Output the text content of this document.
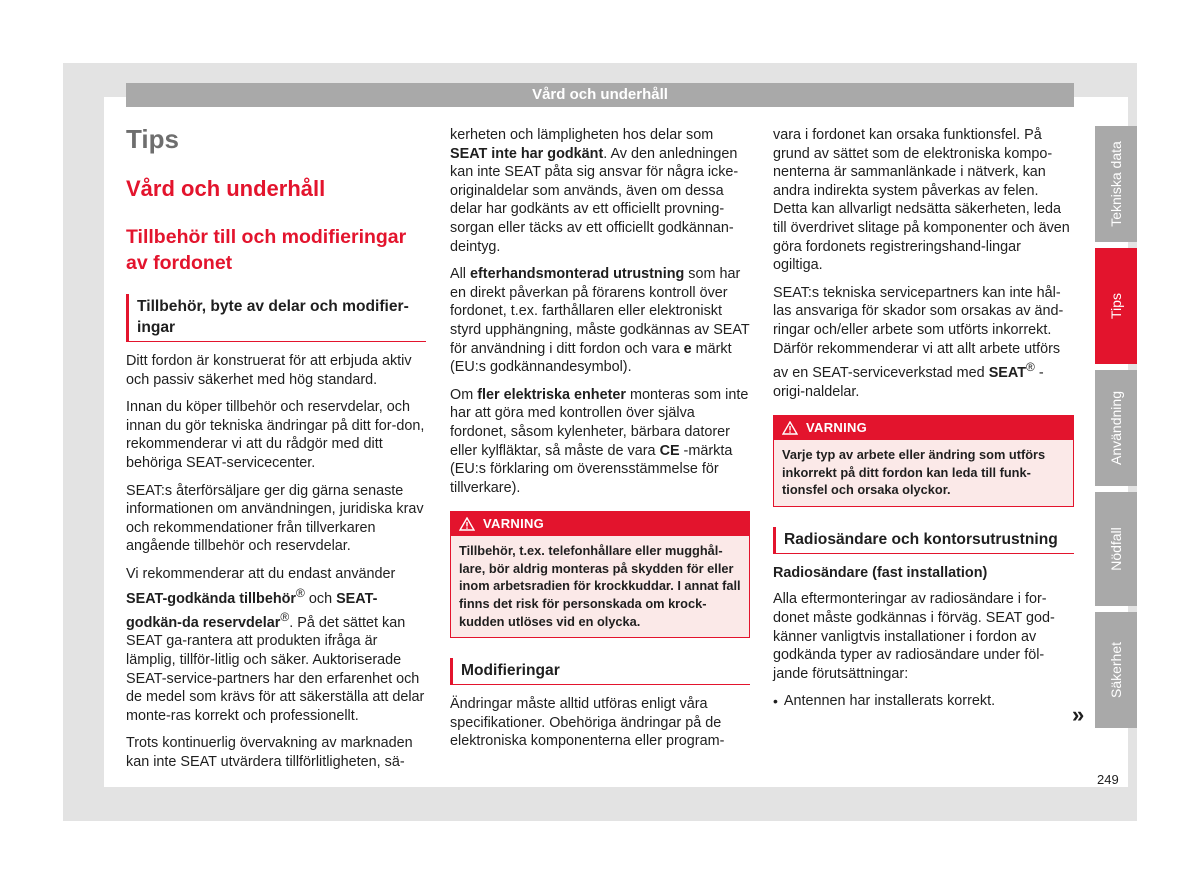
Vård och underhåll
Tips
Vård och underhåll
Tillbehör till och modifieringar av fordonet
Tillbehör, byte av delar och modifier-ingar

Ditt fordon är konstruerat för att erbjuda aktiv och passiv säkerhet med hög standard.

Innan du köper tillbehör och reservdelar, och innan du gör tekniska ändringar på ditt for-don, rekommenderar vi att du rådgör med ditt behöriga SEAT-servicecenter.

SEAT:s återförsäljare ger dig gärna senaste informationen om användningen, juridiska krav och rekommendationer från tillverkaren angående tillbehör och reservdelar.

Vi rekommenderar att du endast använder SEAT-godkända tillbehör® och SEAT-godkän-da reservdelar®. På det sättet kan SEAT ga-rantera att produkten ifråga är lämplig, tillför-litlig och säker. Auktoriserade SEAT-service-partners har den erfarenhet och de medel som krävs för att säkerställa att delar monte-ras korrekt och professionellt.

Trots kontinuerlig övervakning av marknaden kan inte SEAT utvärdera tillförlitligheten, sä-

kerheten och lämpligheten hos delar som SEAT inte har godkänt. Av den anledningen kan inte SEAT påta sig ansvar för några icke-originaldelar som används, även om dessa delar har godkänts av ett officiellt provning-sorgan eller täcks av ett officiellt godkännan-deintyg.

All efterhandsmonterad utrustning som har en direkt påverkan på förarens kontroll över fordonet, t.ex. farthållaren eller elektroniskt styrd upphängning, måste godkännas av SEAT för användning i ditt fordon och vara e märkt (EU:s godkännandesymbol).

Om fler elektriska enheter monteras som inte har att göra med kontrollen över själva fordonet, såsom kylenheter, bärbara datorer eller kylfläktar, så måste de vara CE -märkta (EU:s förklaring om överensstämmelse för tillverkare).

VARNING
Tillbehör, t.ex. telefonhållare eller mugghål-lare, bör aldrig monteras på skydden för eller inom arbetsradien för krockkuddar. I annat fall finns det risk för personskada om krock-kudden utlöses vid en olycka.
Modifieringar

Ändringar måste alltid utföras enligt våra specifikationer. Obehöriga ändringar på de elektroniska komponenterna eller program-

vara i fordonet kan orsaka funktionsfel. På grund av sättet som de elektroniska kompo-nenterna är sammanlänkade i nätverk, kan andra indirekta system påverkas av felen. Detta kan allvarligt nedsätta säkerheten, leda till överdrivet slitage på komponenter och även göra fordonets registreringshand-lingar ogiltiga.

SEAT:s tekniska servicepartners kan inte hål-las ansvariga för skador som orsakas av änd-ringar och/eller arbete som utförts inkorrekt. Därför rekommenderar vi att allt arbete utförs av en SEAT-serviceverkstad med SEAT® -origi-naldelar.

VARNING
Varje typ av arbete eller ändring som utförs inkorrekt på ditt fordon kan leda till funk-tionsfel och orsaka olyckor.
Radiosändare och kontorsutrustning
Radiosändare (fast installation)

Alla eftermonteringar av radiosändare i for-donet måste godkännas i förväg. SEAT god-känner vanligtvis installationer i fordon av godkända typer av radiosändare under föl-jande förutsättningar:

• Antennen har installerats korrekt.
Tekniska data
Tips
Användning
Nödfall
Säkerhet
»
249
